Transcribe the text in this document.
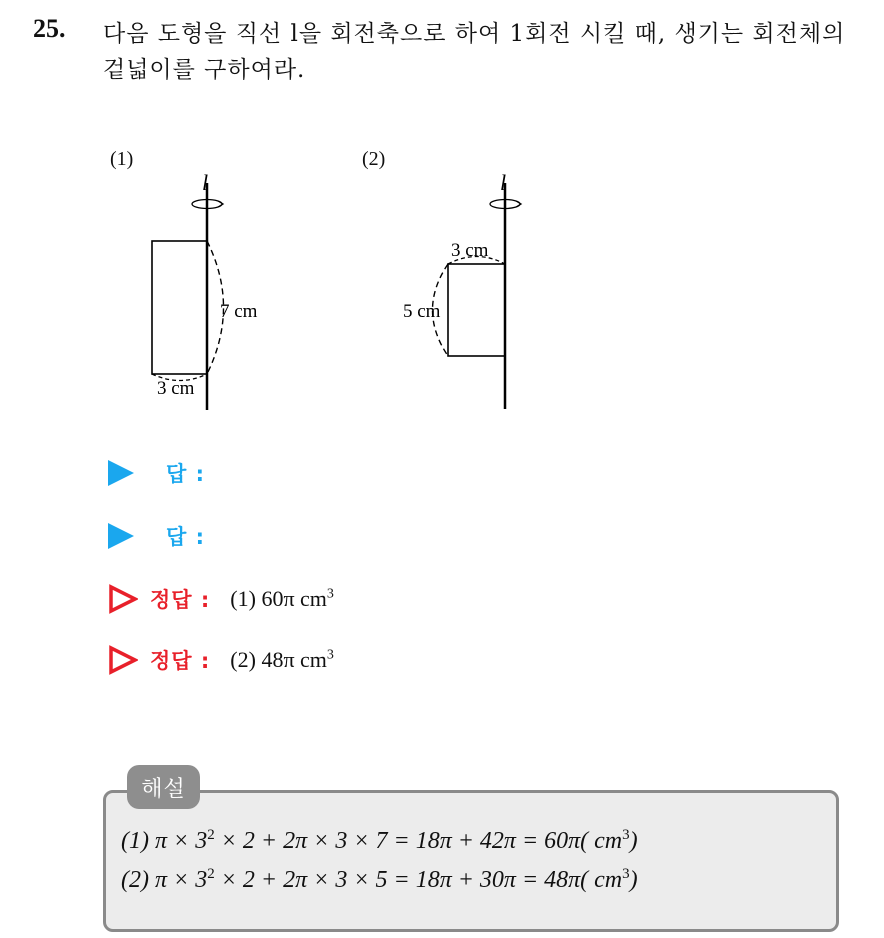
25. 다음 도형을 직선 l을 회전축으로 하여 1회전 시킬 때, 생기는 회전체의 겉넓이를 구하여라.
(1)	(2)
l
7 cm
3 cm
l
5 cm
3 cm
답 :
답 :
정답 : (1) 60π $cm^3$
정답 : (2) 48π $cm^3$
해설
(1) $\pi \times 3^2 \times 2 + 2\pi \times 3 \times 7 = 18\pi + 42\pi = 60\pi$( $cm^3$)
(2) $\pi \times 3^2 \times 2 + 2\pi \times 3 \times 5 = 18\pi + 30\pi = 48\pi$( $cm^3$)
